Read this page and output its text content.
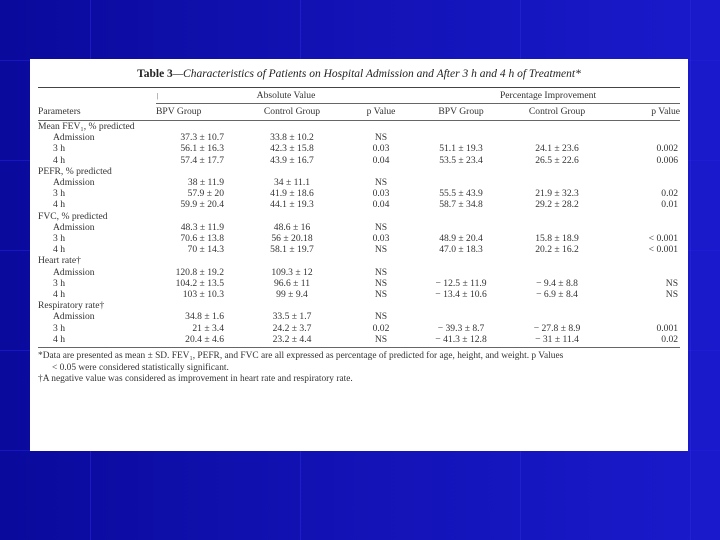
Table 3—Characteristics of Patients on Hospital Admission and After 3 h and 4 h of Treatment*
|	Absolute Value			Percentage Improvement		
Parameters	BPV Group	Control Group	p Value	BPV Group	Control Group	p Value
Mean FEV₁, % predicted						
Admission	37.3 ± 10.7	33.8 ± 10.2	NS			
3 h	56.1 ± 16.3	42.3 ± 15.8	0.03	51.1 ± 19.3	24.1 ± 23.6	0.002
4 h	57.4 ± 17.7	43.9 ± 16.7	0.04	53.5 ± 23.4	26.5 ± 22.6	0.006
PEFR, % predicted						
Admission	38 ± 11.9	34 ± 11.1	NS			
3 h	57.9 ± 20	41.9 ± 18.6	0.03	55.5 ± 43.9	21.9 ± 32.3	0.02
4 h	59.9 ± 20.4	44.1 ± 19.3	0.04	58.7 ± 34.8	29.2 ± 28.2	0.01
FVC, % predicted						
Admission	48.3 ± 11.9	48.6 ± 16	NS			
3 h	70.6 ± 13.8	56 ± 20.18	0.03	48.9 ± 20.4	15.8 ± 18.9	< 0.001
4 h	70 ± 14.3	58.1 ± 19.7	NS	47.0 ± 18.3	20.2 ± 16.2	< 0.001
Heart rate†						
Admission	120.8 ± 19.2	109.3 ± 12	NS			
3 h	104.2 ± 13.5	96.6 ± 11	NS	− 12.5 ± 11.9	− 9.4 ± 8.8	NS
4 h	103 ± 10.3	99 ± 9.4	NS	− 13.4 ± 10.6	− 6.9 ± 8.4	NS
Respiratory rate†						
Admission	34.8 ± 1.6	33.5 ± 1.7	NS			
3 h	21 ± 3.4	24.2 ± 3.7	0.02	− 39.3 ± 8.7	− 27.8 ± 8.9	0.001
4 h	20.4 ± 4.6	23.2 ± 4.4	NS	− 41.3 ± 12.8	− 31 ± 11.4	0.02
*Data are presented as mean ± SD. FEV₁, PEFR, and FVC are all expressed as percentage of predicted for age, height, and weight. p Values
< 0.05 were considered statistically significant.
†A negative value was considered as improvement in heart rate and respiratory rate.
